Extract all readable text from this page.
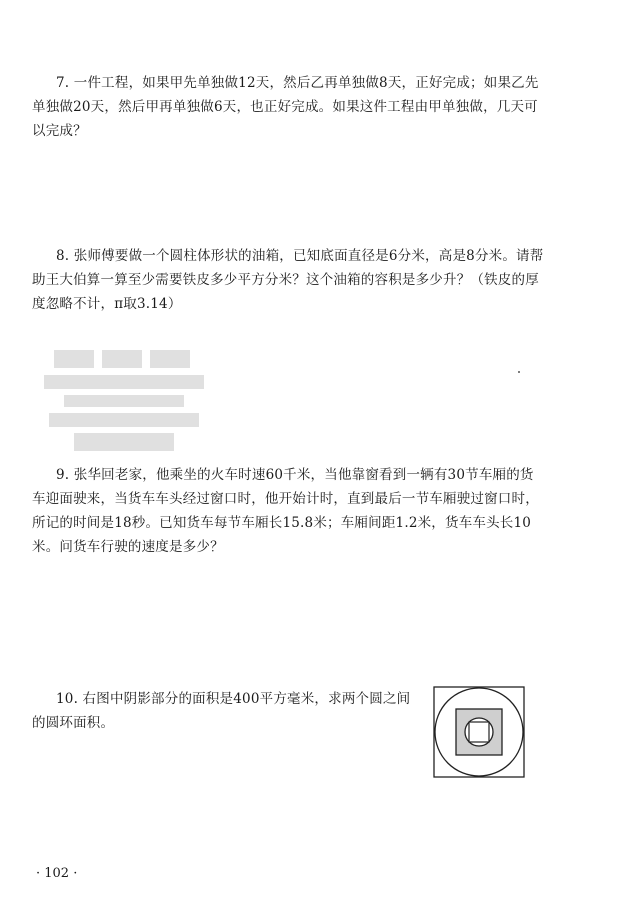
7. 一件工程，如果甲先单独做12天，然后乙再单独做8天，正好完成；如果乙先单独做20天，然后甲再单独做6天，也正好完成。如果这件工程由甲单独做，几天可以完成？

8. 张师傅要做一个圆柱体形状的油箱，已知底面直径是6分米，高是8分米。请帮助王大伯算一算至少需要铁皮多少平方分米？这个油箱的容积是多少升？（铁皮的厚度忽略不计，π取3.14）

9. 张华回老家，他乘坐的火车时速60千米，当他靠窗看到一辆有30节车厢的货车迎面驶来，当货车车头经过窗口时，他开始计时，直到最后一节车厢驶过窗口时，所记的时间是18秒。已知货车每节车厢长15.8米；车厢间距1.2米，货车车头长10米。问货车行驶的速度是多少？

10. 右图中阴影部分的面积是400平方毫米，求两个圆之间的圆环面积。

· 102 ·
